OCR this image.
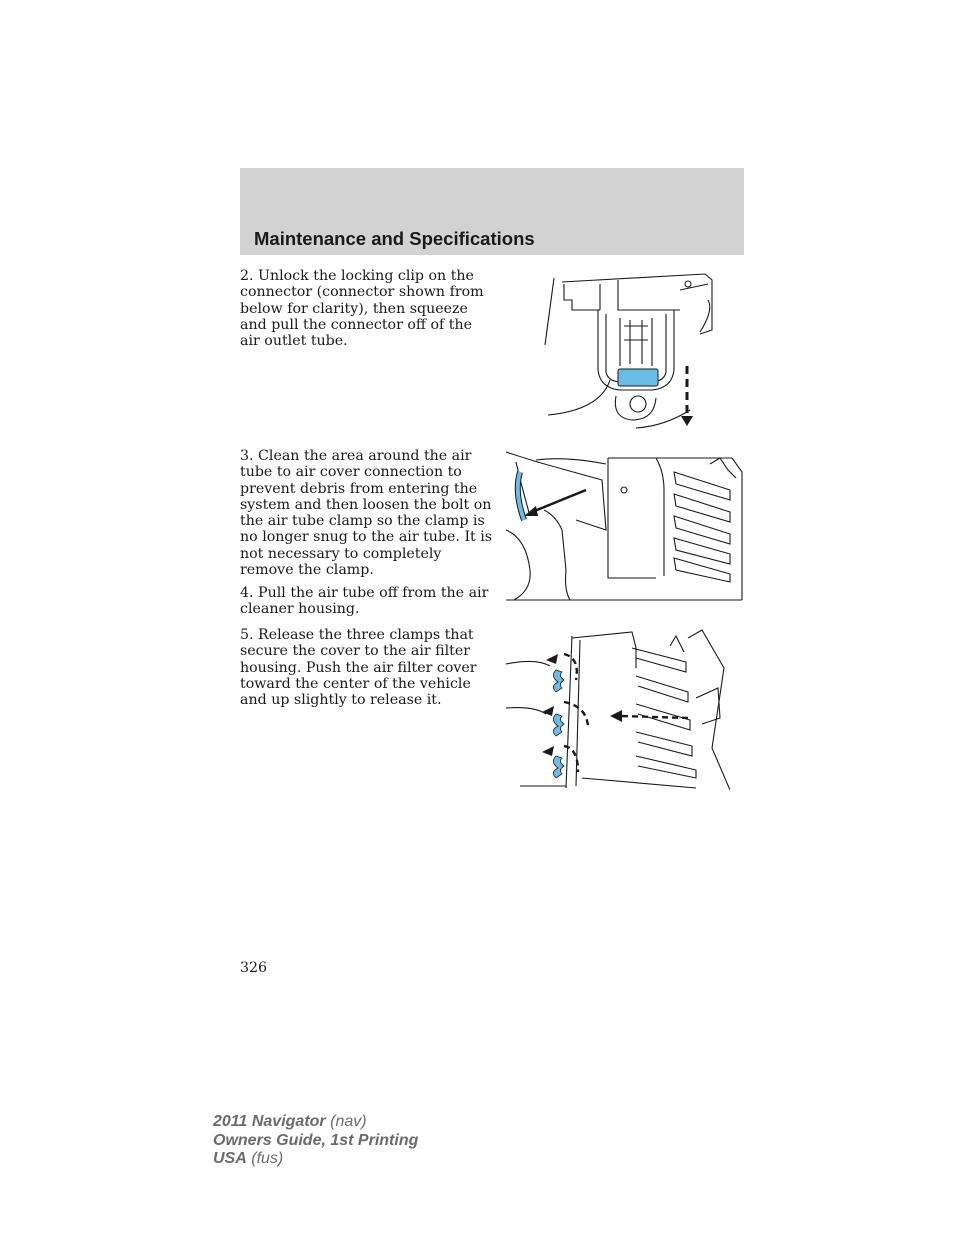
Maintenance and Specifications
2. Unlock the locking clip on the connector (connector shown from below for clarity), then squeeze and pull the connector off of the air outlet tube.
3. Clean the area around the air tube to air cover connection to prevent debris from entering the system and then loosen the bolt on the air tube clamp so the clamp is no longer snug to the air tube. It is not necessary to completely remove the clamp.
4. Pull the air tube off from the air cleaner housing.
5. Release the three clamps that secure the cover to the air filter housing. Push the air filter cover toward the center of the vehicle and up slightly to release it.
326
2011 Navigator (nav)
Owners Guide, 1st Printing
USA (fus)
